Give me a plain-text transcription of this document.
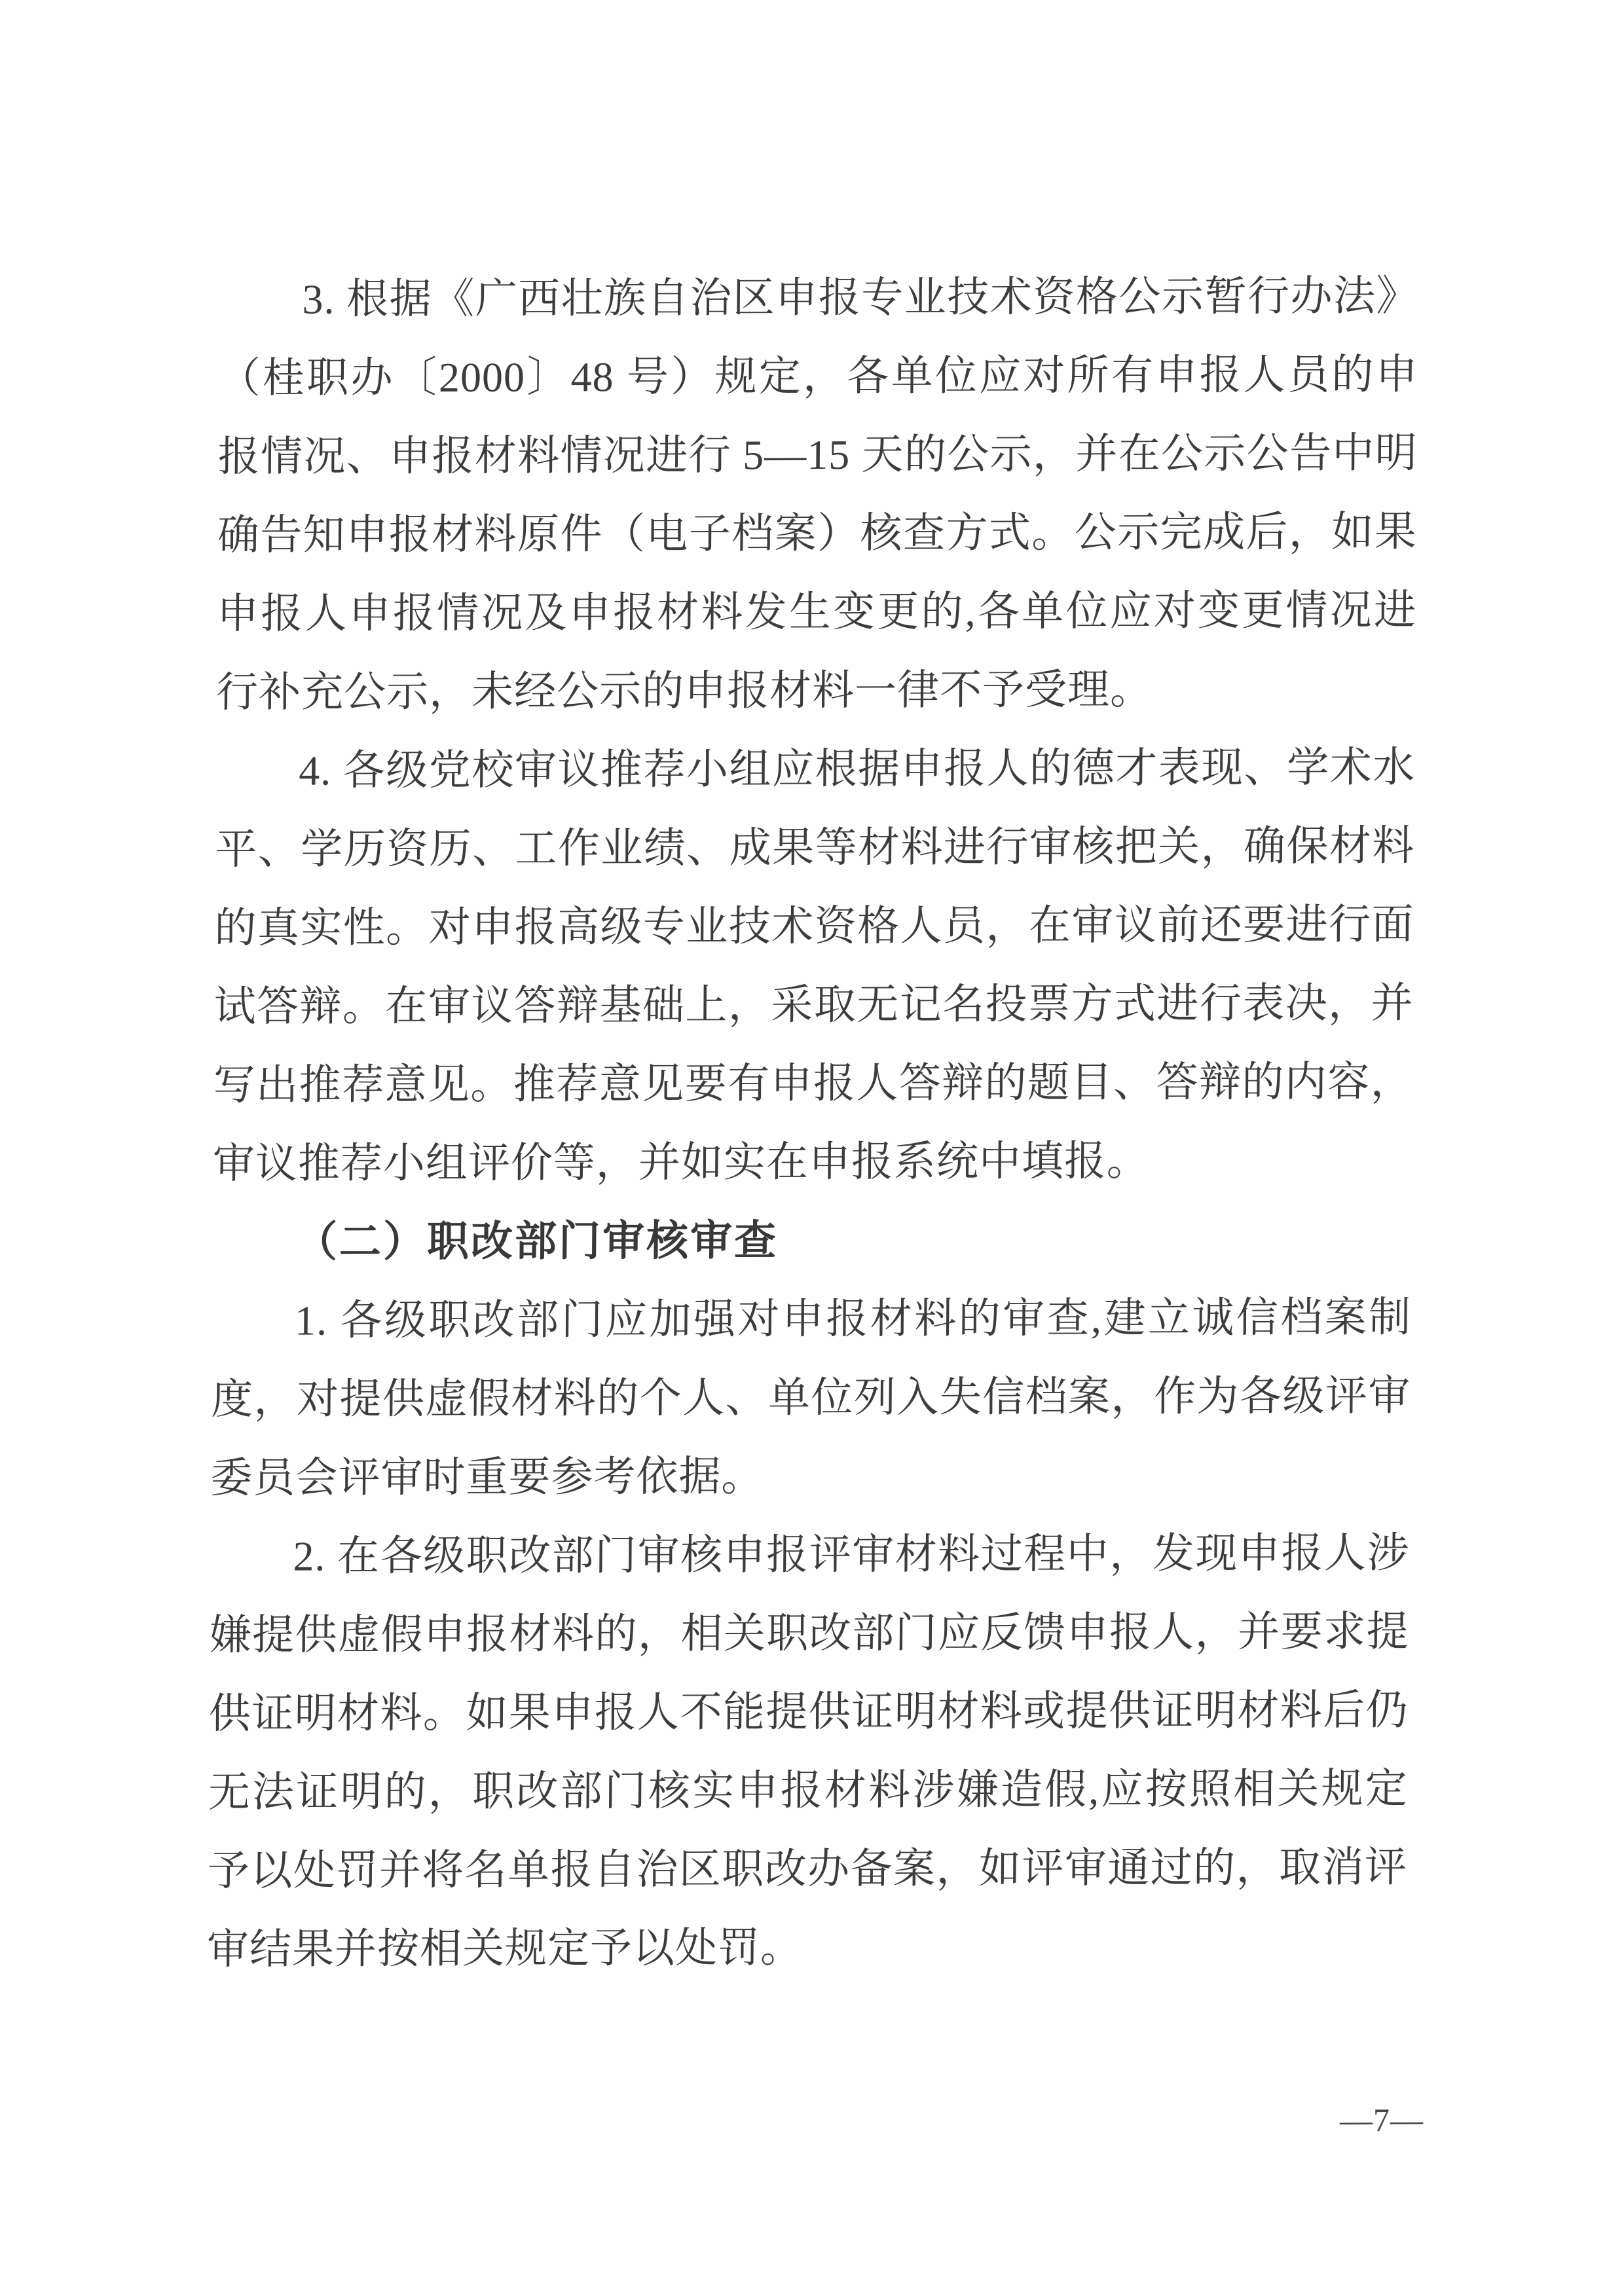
3. 根据《广西壮族自治区申报专业技术资格公示暂行办法》
（桂职办〔2000〕48 号）规定，各单位应对所有申报人员的申
报情况、申报材料情况进行 5—15 天的公示，并在公示公告中明
确告知申报材料原件（电子档案）核查方式。公示完成后，如果
申报人申报情况及申报材料发生变更的,各单位应对变更情况进
行补充公示，未经公示的申报材料一律不予受理。
4. 各级党校审议推荐小组应根据申报人的德才表现、学术水
平、学历资历、工作业绩、成果等材料进行审核把关，确保材料
的真实性。对申报高级专业技术资格人员，在审议前还要进行面
试答辩。在审议答辩基础上，采取无记名投票方式进行表决，并
写出推荐意见。推荐意见要有申报人答辩的题目、答辩的内容，
审议推荐小组评价等，并如实在申报系统中填报。
（二）职改部门审核审查
1. 各级职改部门应加强对申报材料的审查,建立诚信档案制
度，对提供虚假材料的个人、单位列入失信档案，作为各级评审
委员会评审时重要参考依据。
2. 在各级职改部门审核申报评审材料过程中，发现申报人涉
嫌提供虚假申报材料的，相关职改部门应反馈申报人，并要求提
供证明材料。如果申报人不能提供证明材料或提供证明材料后仍
无法证明的，职改部门核实申报材料涉嫌造假,应按照相关规定
予以处罚并将名单报自治区职改办备案，如评审通过的，取消评
审结果并按相关规定予以处罚。
—7—
